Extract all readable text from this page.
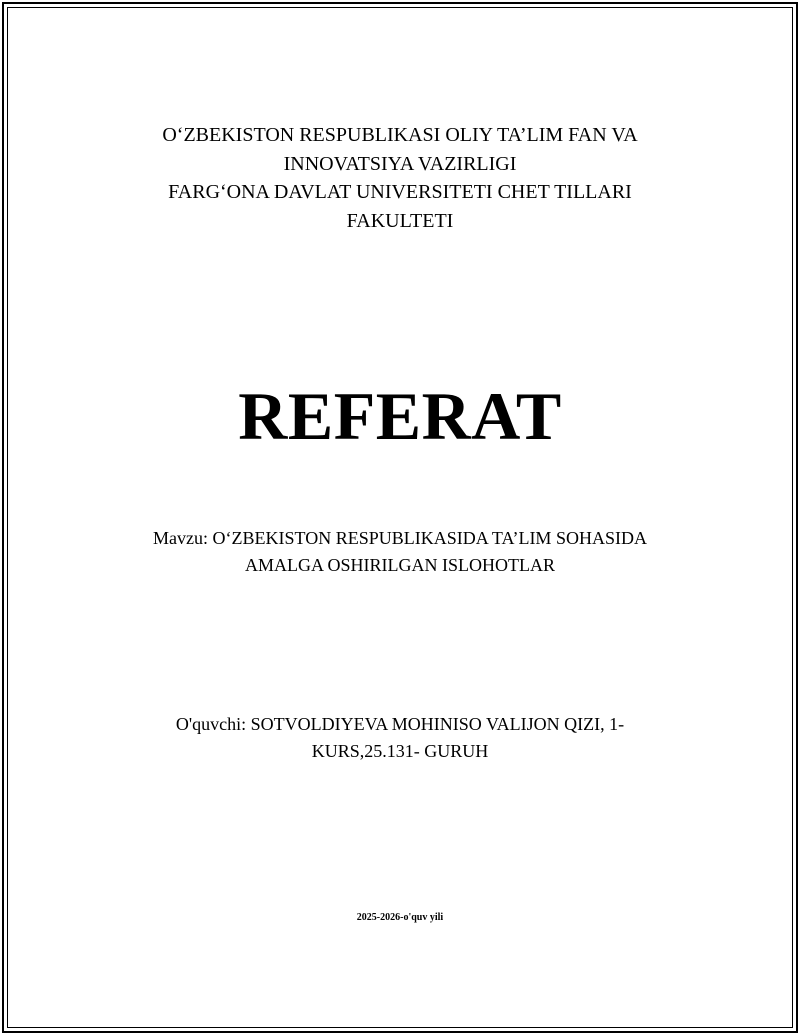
O‘ZBEKISTON RESPUBLIKASI OLIY TA’LIM FAN VA
INNOVATSIYA VAZIRLIGI
FARG‘ONA DAVLAT UNIVERSITETI CHET TILLARI
FAKULTETI
REFERAT
Mavzu: O‘ZBEKISTON RESPUBLIKASIDA TA’LIM SOHASIDA
AMALGA OSHIRILGAN ISLOHOTLAR
O'quvchi: SOTVOLDIYEVA MOHINISO VALIJON QIZI, 1-
KURS,25.131- GURUH
2025-2026-o'quv yili
